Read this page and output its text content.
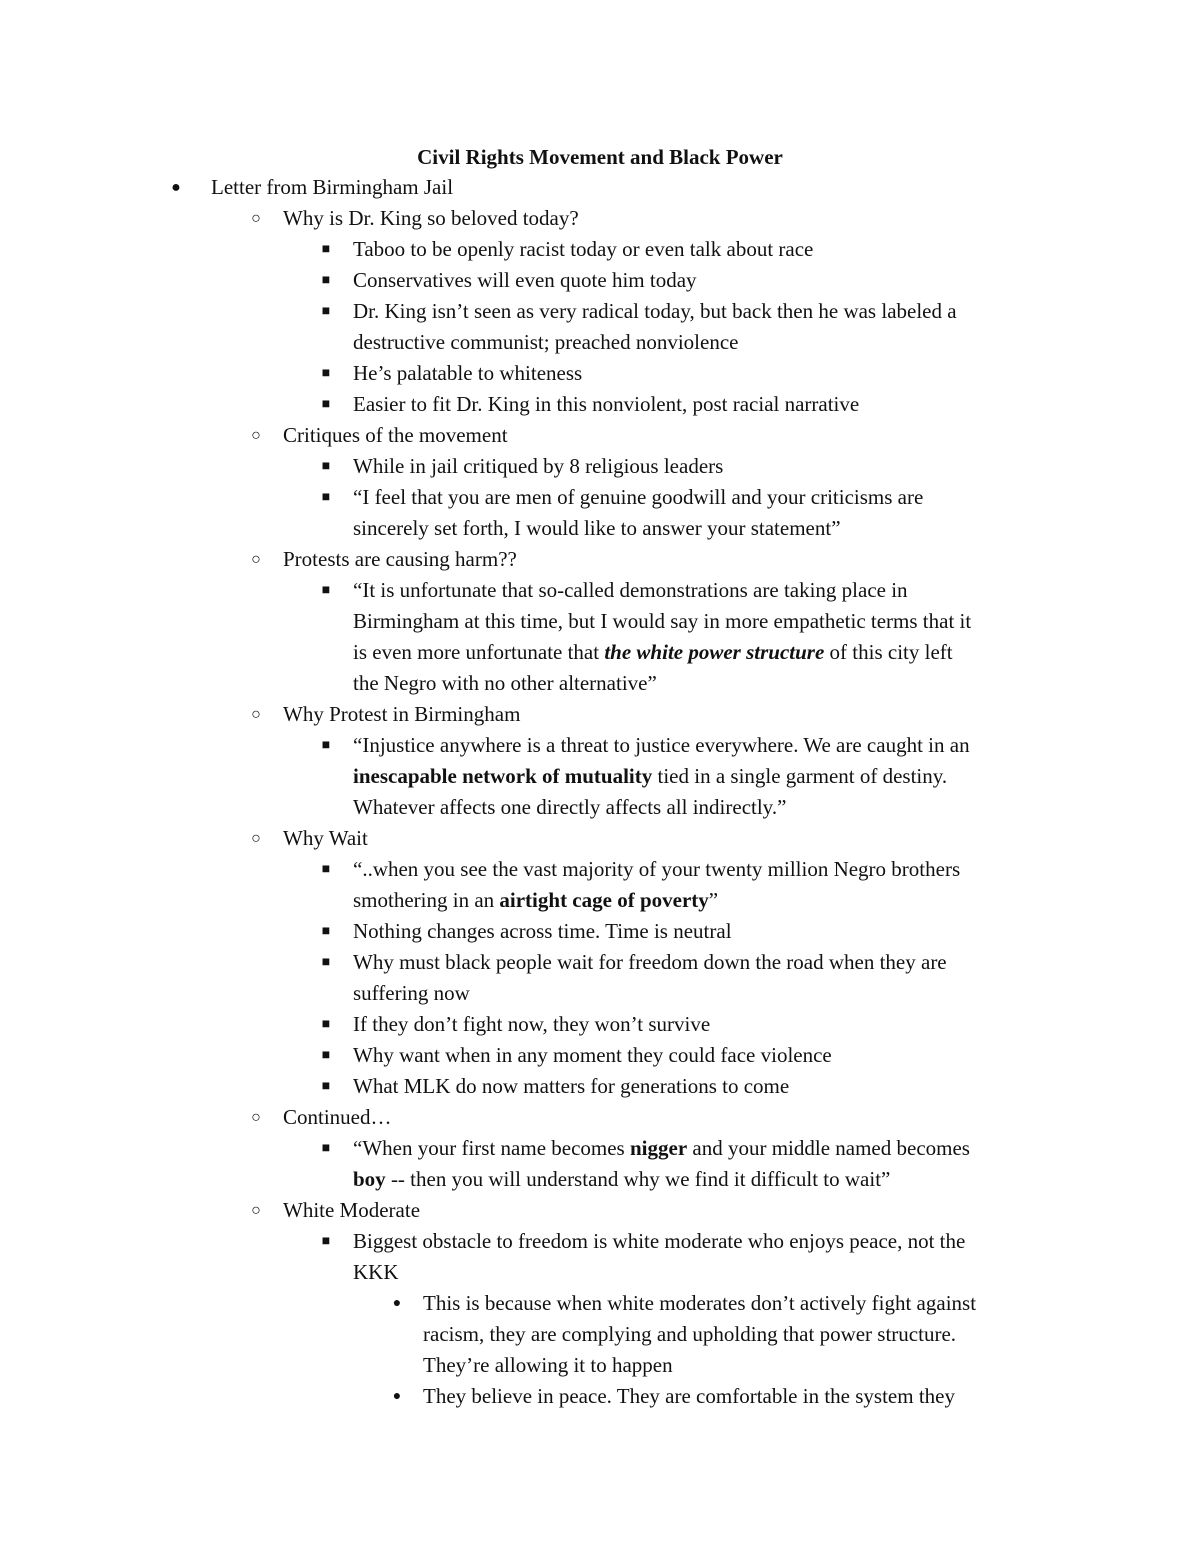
Civil Rights Movement and Black Power
● Letter from Birmingham Jail
○ Why is Dr. King so beloved today?
■ Taboo to be openly racist today or even talk about race
■ Conservatives will even quote him today
■ Dr. King isn’t seen as very radical today, but back then he was labeled a
destructive communist; preached nonviolence
■ He’s palatable to whiteness
■ Easier to fit Dr. King in this nonviolent, post racial narrative
○ Critiques of the movement
■ While in jail critiqued by 8 religious leaders
■ “I feel that you are men of genuine goodwill and your criticisms are
sincerely set forth, I would like to answer your statement”
○ Protests are causing harm??
■ “It is unfortunate that so-called demonstrations are taking place in
Birmingham at this time, but I would say in more empathetic terms that it
is even more unfortunate that the white power structure of this city left
the Negro with no other alternative”
○ Why Protest in Birmingham
■ “Injustice anywhere is a threat to justice everywhere. We are caught in an
inescapable network of mutuality tied in a single garment of destiny.
Whatever affects one directly affects all indirectly.”
○ Why Wait
■ “..when you see the vast majority of your twenty million Negro brothers
smothering in an airtight cage of poverty”
■ Nothing changes across time. Time is neutral
■ Why must black people wait for freedom down the road when they are
suffering now
■ If they don’t fight now, they won’t survive
■ Why want when in any moment they could face violence
■ What MLK do now matters for generations to come
○ Continued…
■ “When your first name becomes nigger and your middle named becomes
boy -- then you will understand why we find it difficult to wait”
○ White Moderate
■ Biggest obstacle to freedom is white moderate who enjoys peace, not the
KKK
● This is because when white moderates don’t actively fight against
racism, they are complying and upholding that power structure.
They’re allowing it to happen
● They believe in peace. They are comfortable in the system they
